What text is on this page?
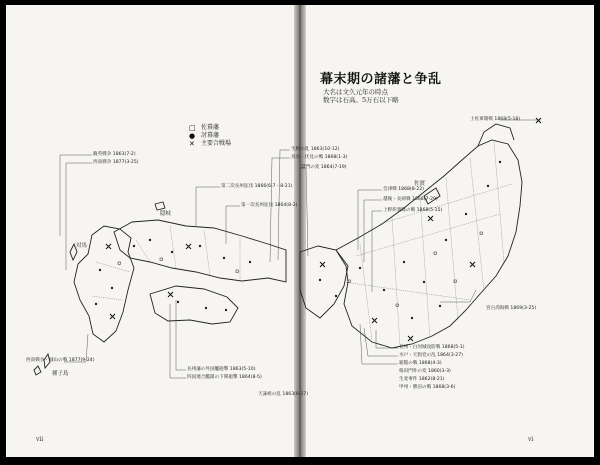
幕末期の諸藩と争乱
大名は文久元年の時点
数字は石高。5万石以下略
□ 佐幕藩
● 討幕藩
✕ 主要合戦場
薩英戦争 1863(7-2)
西南戦争 1877(3-25)
第二次長州征伐 1866(6-7・8-21)
第一次長州征伐 1864(8-2)
長州藩の外国艦砲撃 1863(5-10)
四国連合艦隊の下関砲撃 1864(8-5)
西南戦争・城山の戦 1877(9-24)
生野の乱 1863(10-12)
鳥羽・伏見の戦 1868(1-3)
禁門の変 1864(7-19)
天誅組の乱 1863(8-17)
会津戦 1868(8-22)
越後・長岡戦 1868(7-29)
上野彰義隊の戦 1868(5-15)
土佐軍開戦 1868(5-18)
宮古湾海戦 1869(3-25)
長州・白河城攻防戦 1868(5-1)
水戸・天狗党の乱 1864(3-27)
箱館の戦 1868(4-3)
桜田門外の変 1860(3-3)
生麦事件 1862(8-21)
甲州・勝沼の戦 1868(3-6)
対馬
隠岐
佐渡
種子島
vii	vi
